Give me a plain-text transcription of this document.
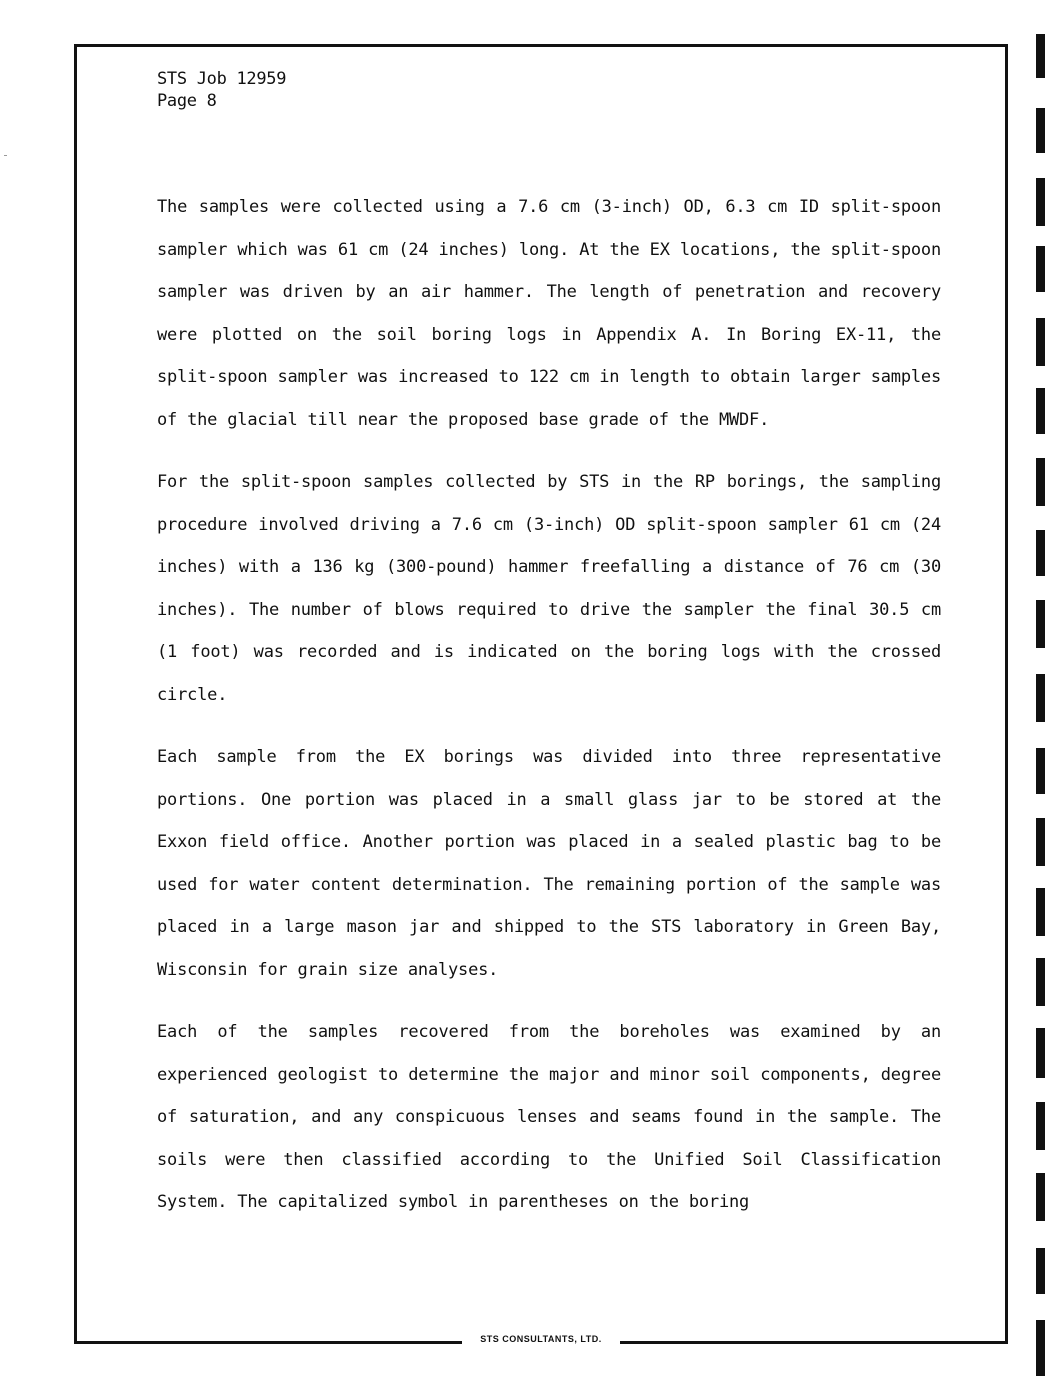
STS Job 12959
Page 8

The samples were collected using a 7.6 cm (3-inch) OD, 6.3 cm ID split-spoon sampler which was 61 cm (24 inches) long. At the EX locations, the split-spoon sampler was driven by an air hammer. The length of penetration and recovery were plotted on the soil boring logs in Appendix A. In Boring EX-11, the split-spoon sampler was increased to 122 cm in length to obtain larger samples of the glacial till near the proposed base grade of the MWDF.

For the split-spoon samples collected by STS in the RP borings, the sampling procedure involved driving a 7.6 cm (3-inch) OD split-spoon sampler 61 cm (24 inches) with a 136 kg (300-pound) hammer freefalling a distance of 76 cm (30 inches). The number of blows required to drive the sampler the final 30.5 cm (1 foot) was recorded and is indicated on the boring logs with the crossed circle.

Each sample from the EX borings was divided into three representative portions. One portion was placed in a small glass jar to be stored at the Exxon field office. Another portion was placed in a sealed plastic bag to be used for water content determination. The remaining portion of the sample was placed in a large mason jar and shipped to the STS laboratory in Green Bay, Wisconsin for grain size analyses.

Each of the samples recovered from the boreholes was examined by an experienced geologist to determine the major and minor soil components, degree of saturation, and any conspicuous lenses and seams found in the sample. The soils were then classified according to the Unified Soil Classification System. The capitalized symbol in parentheses on the boring

STS CONSULTANTS, LTD.
